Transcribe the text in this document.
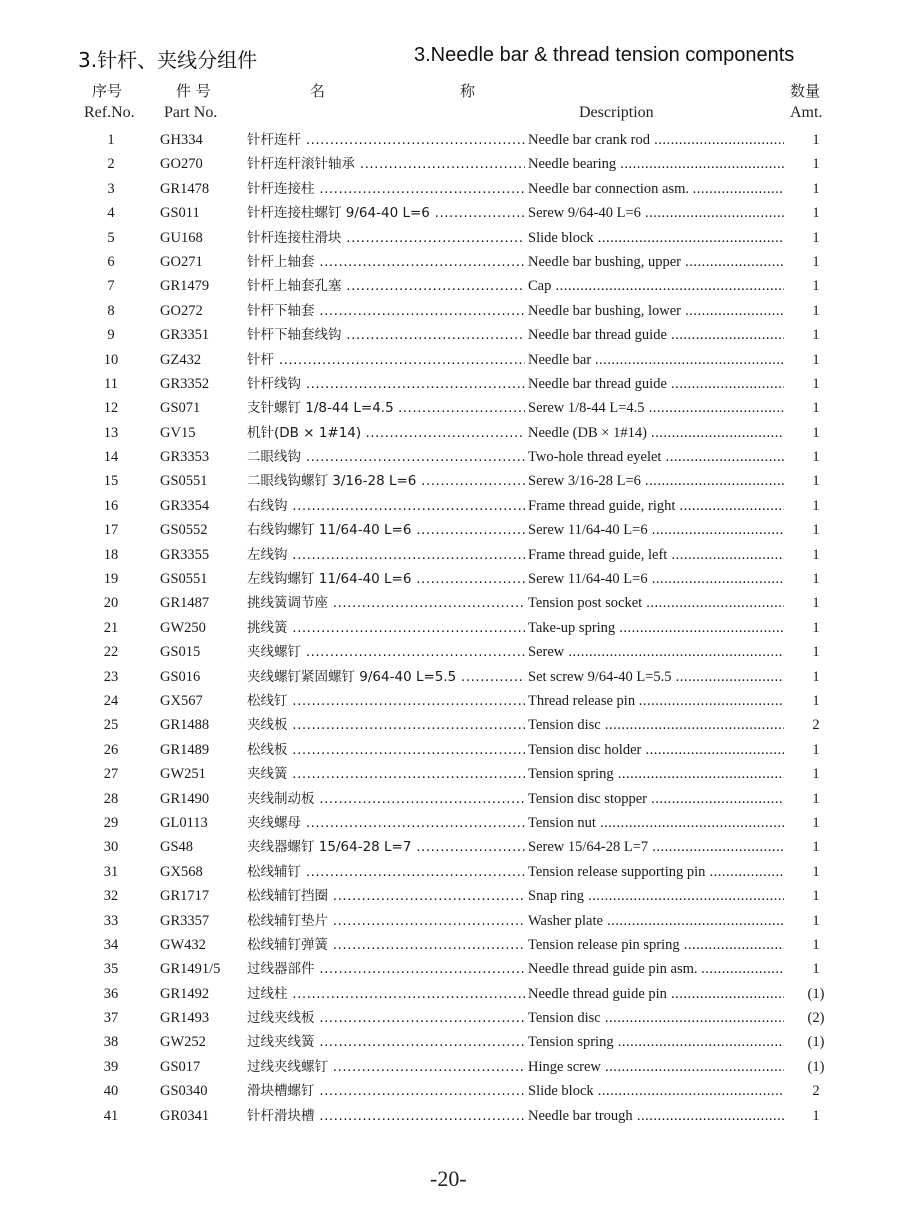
3.针杆、夹线分组件	3.Needle bar & thread tension components
序号	件 号	名	称	数量
Ref.No. Part No.	Description	Amt.
1	GH334	针杆连杆 .....	Needle bar crank rod .....	1
2	GO270	针杆连杆滚针轴承 .....	Needle bearing .....	1
3	GR1478	针杆连接柱 .....	Needle bar connection asm. .....	1
4	GS011	针杆连接柱螺钉 9/64-40 L=6 .....	Serew 9/64-40 L=6 .....	1
5	GU168	针杆连接柱滑块 .....	Slide block .....	1
6	GO271	针杆上轴套 .....	Needle bar bushing, upper .....	1
7	GR1479	针杆上轴套孔塞 .....	Cap .....	1
8	GO272	针杆下轴套 .....	Needle bar bushing, lower .....	1
9	GR3351	针杆下轴套线钩 .....	Needle bar thread guide .....	1
10	GZ432	针杆 .....	Needle bar .....	1
11	GR3352	针杆线钩 .....	Needle bar thread guide .....	1
12	GS071	支针螺钉 1/8-44 L=4.5 .....	Serew 1/8-44 L=4.5 .....	1
13	GV15	机针(DB × 1#14) .....	Needle (DB × 1#14) .....	1
14	GR3353	二眼线钩 .....	Two-hole thread eyelet .....	1
15	GS0551	二眼线钩螺钉 3/16-28 L=6 .....	Serew 3/16-28 L=6 .....	1
16	GR3354	右线钩 .....	Frame thread guide, right .....	1
17	GS0552	右线钩螺钉 11/64-40 L=6 .....	Serew 11/64-40 L=6 .....	1
18	GR3355	左线钩 .....	Frame thread guide, left .....	1
19	GS0551	左线钩螺钉 11/64-40 L=6 .....	Serew 11/64-40 L=6 .....	1
20	GR1487	挑线簧调节座 .....	Tension post socket .....	1
21	GW250	挑线簧 .....	Take-up spring .....	1
22	GS015	夹线螺钉 .....	Serew .....	1
23	GS016	夹线螺钉紧固螺钉 9/64-40 L=5.5 .....	Set screw 9/64-40 L=5.5 .....	1
24	GX567	松线钉 .....	Thread release pin .....	1
25	GR1488	夹线板 .....	Tension disc .....	2
26	GR1489	松线板 .....	Tension disc holder .....	1
27	GW251	夹线簧 .....	Tension spring .....	1
28	GR1490	夹线制动板 .....	Tension disc stopper .....	1
29	GL0113	夹线螺母 .....	Tension nut .....	1
30	GS48	夹线器螺钉 15/64-28 L=7 .....	Serew 15/64-28 L=7 .....	1
31	GX568	松线辅钉 .....	Tension release supporting pin .....	1
32	GR1717	松线辅钉挡圈 .....	Snap ring .....	1
33	GR3357	松线辅钉垫片 .....	Washer plate .....	1
34	GW432	松线辅钉弹簧 .....	Tension release pin spring .....	1
35	GR1491/5 过线器部件 .....	Needle thread guide pin asm. .....	1
36	GR1492	过线柱 .....	Needle thread guide pin .....	(1)
37	GR1493	过线夹线板 .....	Tension disc .....	(2)
38	GW252	过线夹线簧 .....	Tension spring .....	(1)
39	GS017	过线夹线螺钉 .....	Hinge screw .....	(1)
40	GS0340	滑块槽螺钉 .....	Slide block .....	2
41	GR0341	针杆滑块槽 .....	Needle bar trough .....	1
-20-
